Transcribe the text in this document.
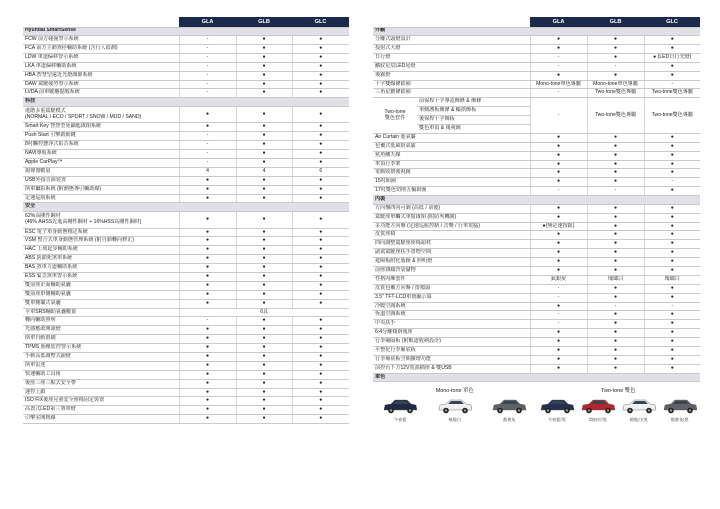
	GLA	GLB	GLC
Hyundai SmartSense			
FCW 前方碰撞警示系統	-	●	●
FCA 前方主動煞停輔助系統 (含行人偵測)	-	●	●
LDW 車道偏移警示系統	-	●	●
LKA 車道偏移輔助系統	-	●	●
HBA 智慧型遠近光燈調節系統	-	●	●
DAW 駕駛疲勞警示系統	-	●	●
LVDA 前車駛離提醒系統	-	●	●
科技			
進階多重駕駛模式
(NORMAL / ECO / SPORT / SNOW / MUD / SAND)	●	●	●
Smart Key 智慧型免鑰匙啟閉系統	●	●	●
Push Start 引擎啟動鍵	-	●	●
8吋觸控懸浮式影音系統	-	●	●
NAVI導航系統	-	●	●
Apple CarPlay™	-	●	●
揚聲器數量	4	4	6
USB外接音源裝置	●	●	●
倒車攝影系統 (附動態導引輔助線)	●	●	●
定速巡航系統	●	●	●
安全			
62%高剛性鋼材
(46% AHSS先進高剛性鋼材 + 16%HSS高剛性鋼材)	●	●	●
ESC 電子車身動態穩定系統	●	●	●
VSM 整合式車身動態管理系統 (附自動轉向修正)	●	●	●
HAC 上坡起步輔助系統	●	●	●
ABS 防鎖死煞車系統	●	●	●
BAS 煞車力道輔助系統	●	●	●
ESS 緊急煞車警示系統	●	●	●
雙前座正面輔助氣囊	●	●	●
雙前座車側輔助氣囊	●	●	●
雙車側簾式氣囊	●	●	●
全車SRS輔助氣囊數量	6具		
轉向輔助照明	-	●	●
光感應敢開頭燈	●	●	●
倒車自動雨刷	●	●	●
TPMS 胎壓監控警示系統	●	●	●
手動高低調整式頭燈	●	●	●
倒車雷達	●	●	●
快速輔助工具組	●	●	●
後座三座三點式安全帶	●	●	●
速控上鎖	●	●	●
ISO FIX後座兒童安全座椅固定裝置	●	●	●
高置式LED第三煞車燈	●	●	●
引擎室開熱線	●	●	●
		GLA	GLB	GLC
外觀				
分離式頭燈設計		●	●	●
投射式大燈		●	●	●
日行燈		-	●	● (LED日行光燈)
鰭紋星辰LED尾燈		-	-	●
後霧燈		●	●	●
十字雙線條鋁圈		Mono-tone單色專屬	Mono-tone單色專屬	-
三角星鍍條鋁圈		-	Two-tone雙色專屬	Two-tone雙色專屬
Two-tone
雙色套件	前保桿十字導流飾條 & 飾條	-	Two-tone雙色專屬	Two-tone雙色專屬
	車側護板飾條 & 輪拱飾板			
	後保桿十字飾板			
	雙色車頂 & 後視鏡			
Air Curtain 進氣簾		●	●	●
包覆式低風阻氣霸		●	●	●
鯊魚鰭天線		●	●	●
車頂行李架		●	●	●
電動收摺後視鏡		●	●	●
15吋鋁圈		●	●	-
17吋雙色切削五輻鋁圈		-	-	●
內裝				
方向盤四向可調 (高低 / 前後)		●	●	●
駕駛座單觸式車窗啟閉 (附防夾機制)		●	●	●
多功能方向盤 (定速巡航控制 / 音響 / 行車電腦)		●(無定速按鈕)	●	●
皮質座椅		●	●	●
四向調整駕駛座座椅頭枕		●	●	●
副駕駕駛座扶手置物空間		●	●	●
遮陽板附化妝鏡 & 照明燈		●	●	●
前座雜鑄背袋儲物		●	●	●
性格內飾套件		鈦銀灰	瑰瑯白	瑰瑯白
皮質包覆方向盤 / 排檔頭		-	●	●
3.5" TFT-LCD車資顯示幕		-	●	●
冷暖空調系統		●	-	-
恆溫空調系統		-	●	●
中央扶手		-	●	●
6:4分離傾倒後座		●	●	●
行李廂隔板 (附軌道收納設計)		●	●	●
平整化行李廂底板		●	●	●
行李廂底板空間擴增功能		●	●	●
前控台下方12V電源插座 & 雙USB		●	●	●
車色				
Mono-tone 單色
午夜藍	極地白	都會灰
Two-tone 雙色
午夜藍/黑	閃焰紅/黑	極地白/黑	都會灰/黑
